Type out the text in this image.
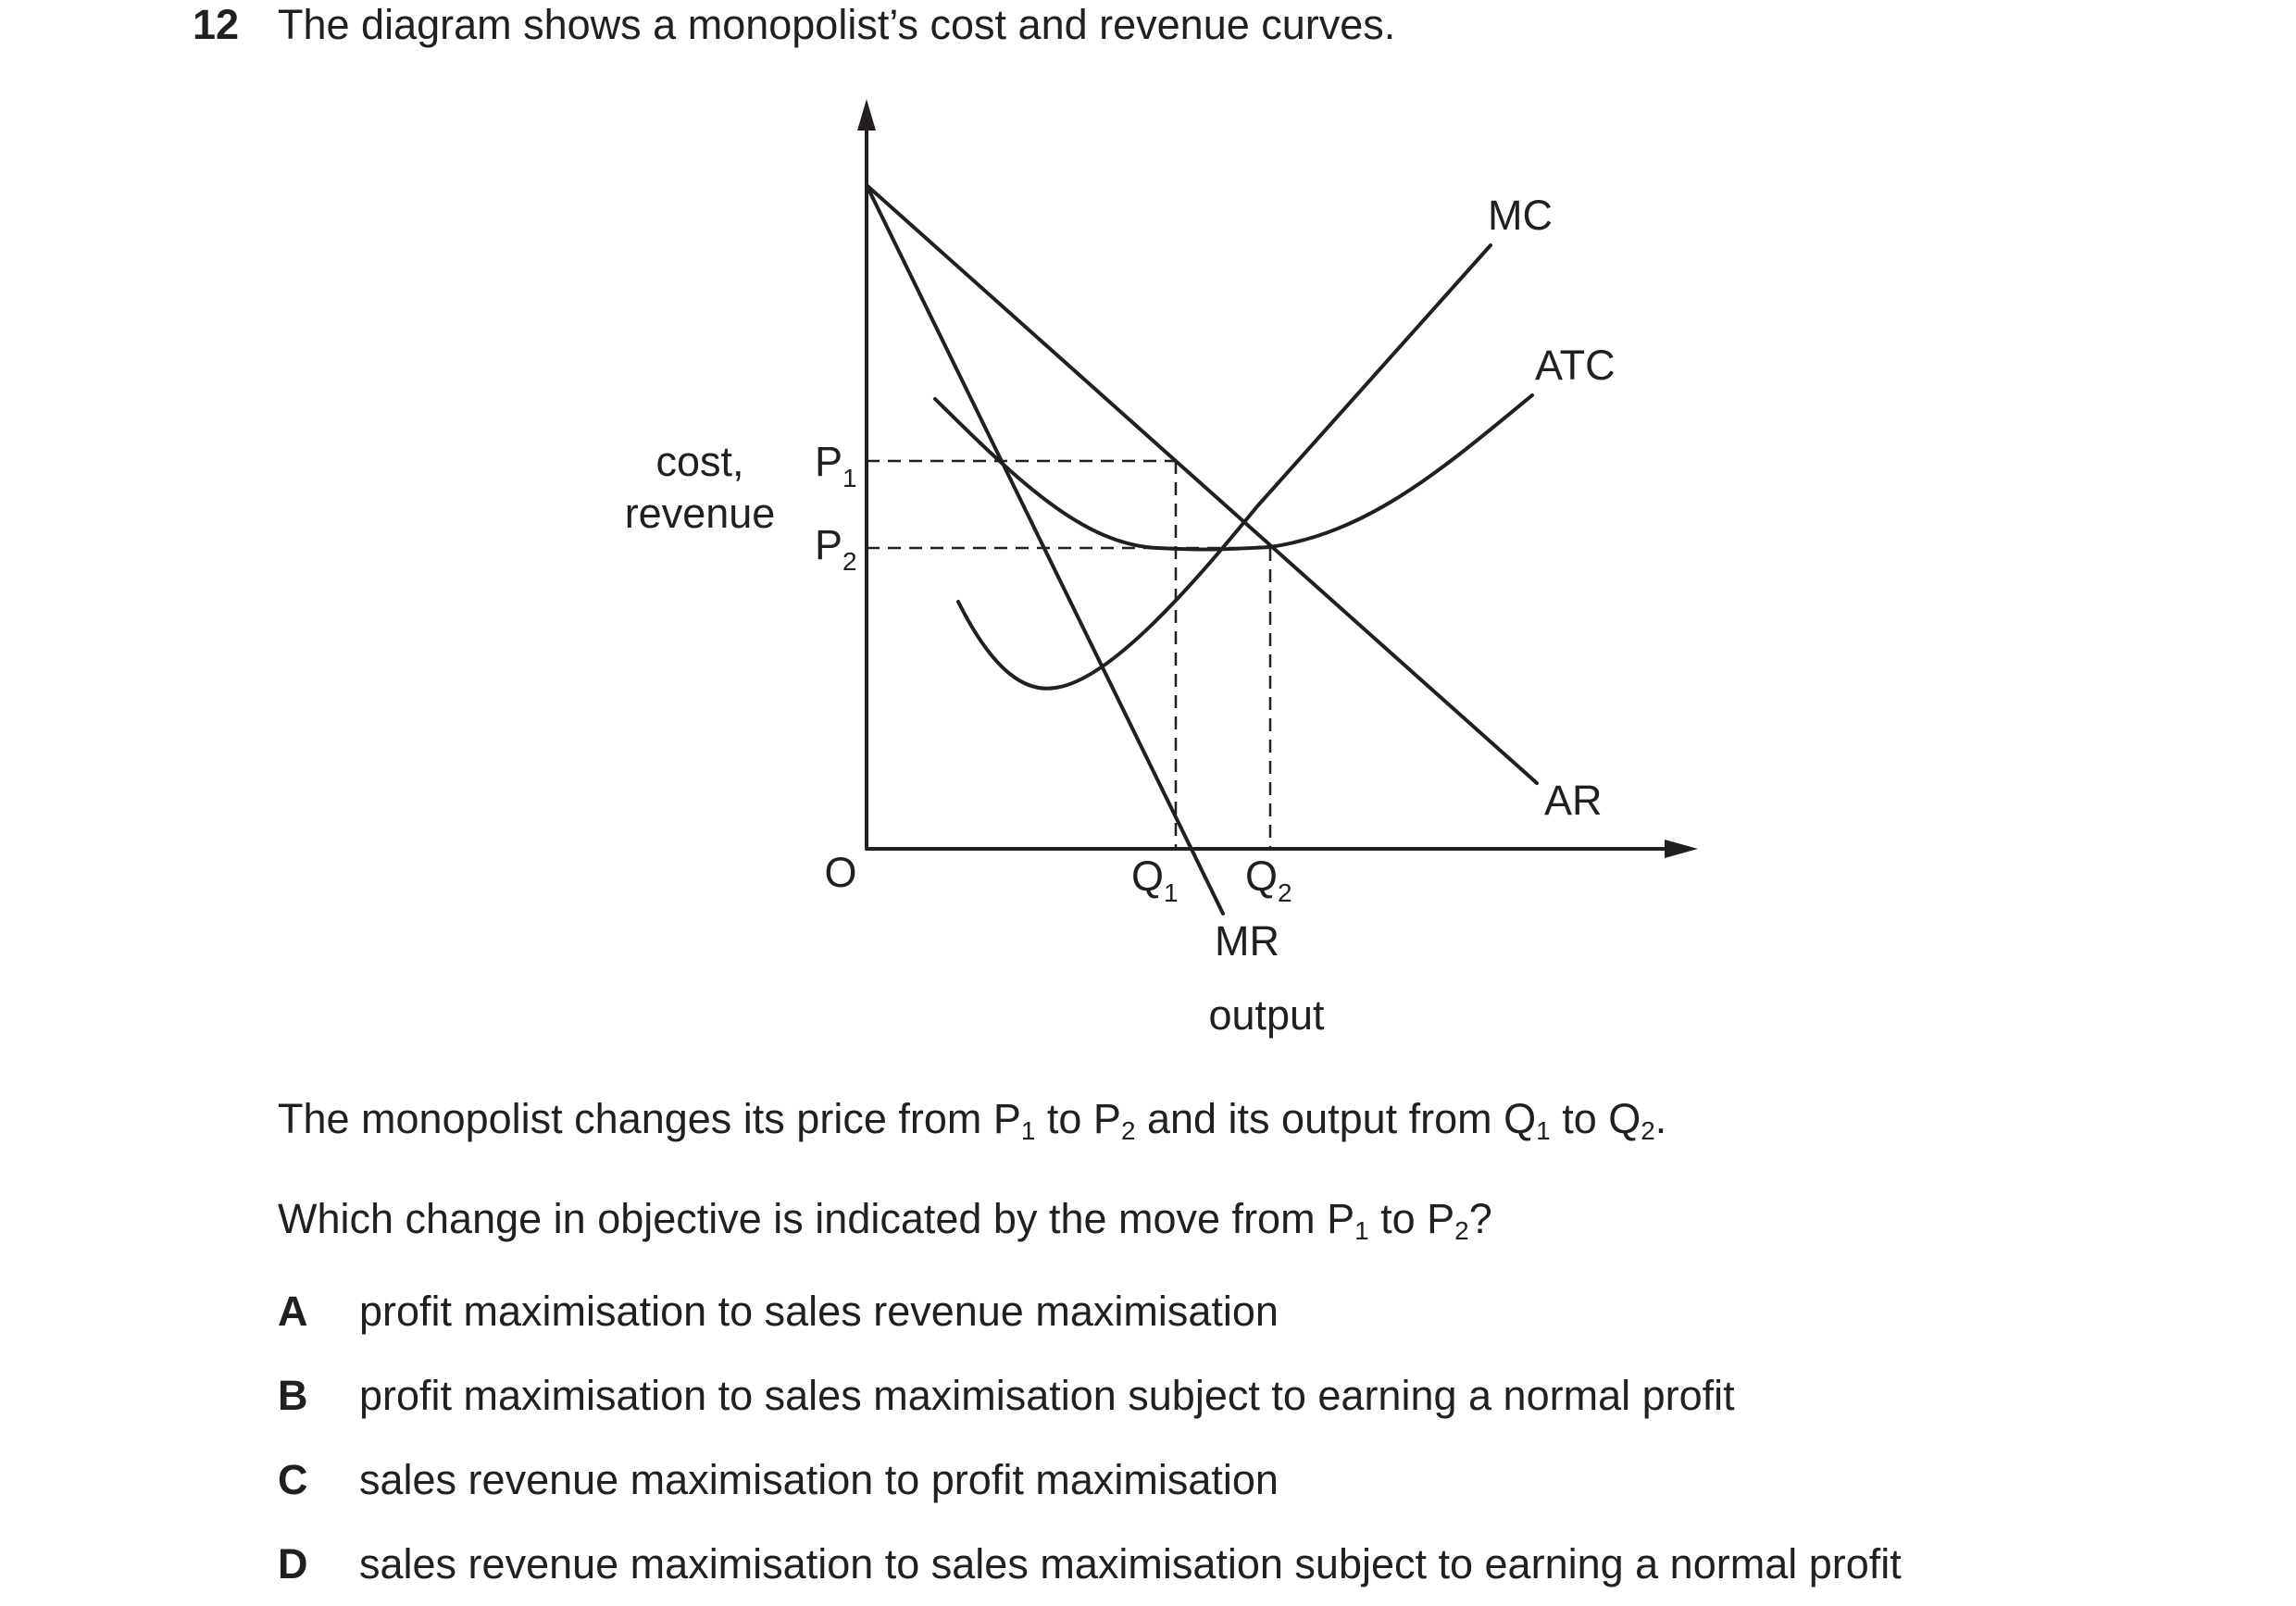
12 The diagram shows a monopolist’s cost and revenue curves.
cost,
revenue
$P_1$
$P_2$
O	$Q_1$ $Q_2$
MR
output
MC
ATC
AR
The monopolist changes its price from $P_1$ to $P_2$ and its output from $Q_1$ to $Q_2$.
Which change in objective is indicated by the move from $P_1$ to $P_2$?
A profit maximisation to sales revenue maximisation
B profit maximisation to sales maximisation subject to earning a normal profit
C sales revenue maximisation to profit maximisation
D sales revenue maximisation to sales maximisation subject to earning a normal profit
